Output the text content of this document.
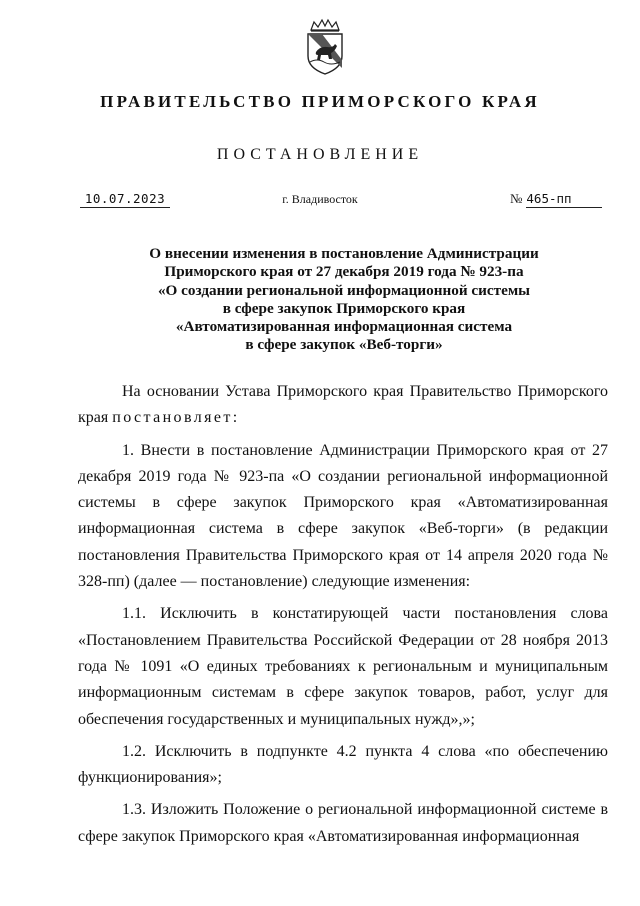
ПРАВИТЕЛЬСТВО ПРИМОРСКОГО КРАЯ
ПОСТАНОВЛЕНИЕ
10.07.2023	г. Владивосток	№ 465-пп
О внесении изменения в постановление Администрации
Приморского края от 27 декабря 2019 года № 923-па
«О создании региональной информационной системы
в сфере закупок Приморского края
«Автоматизированная информационная система
в сфере закупок «Веб-торги»

На основании Устава Приморского края Правительство Приморского края постановляет:

1. Внести в постановление Администрации Приморского края от 27 декабря 2019 года № 923-па «О создании региональной информационной системы в сфере закупок Приморского края «Автоматизированная информационная система в сфере закупок «Веб-торги» (в редакции постановления Правительства Приморского края от 14 апреля 2020 года № 328-пп) (далее — постановление) следующие изменения:

1.1. Исключить в констатирующей части постановления слова «Постановлением Правительства Российской Федерации от 28 ноября 2013 года № 1091 «О единых требованиях к региональным и муниципальным информационным системам в сфере закупок товаров, работ, услуг для обеспечения государственных и муниципальных нужд»,»;

1.2. Исключить в подпункте 4.2 пункта 4 слова «по обеспечению функционирования»;

1.3. Изложить Положение о региональной информационной системе в сфере закупок Приморского края «Автоматизированная информационная
